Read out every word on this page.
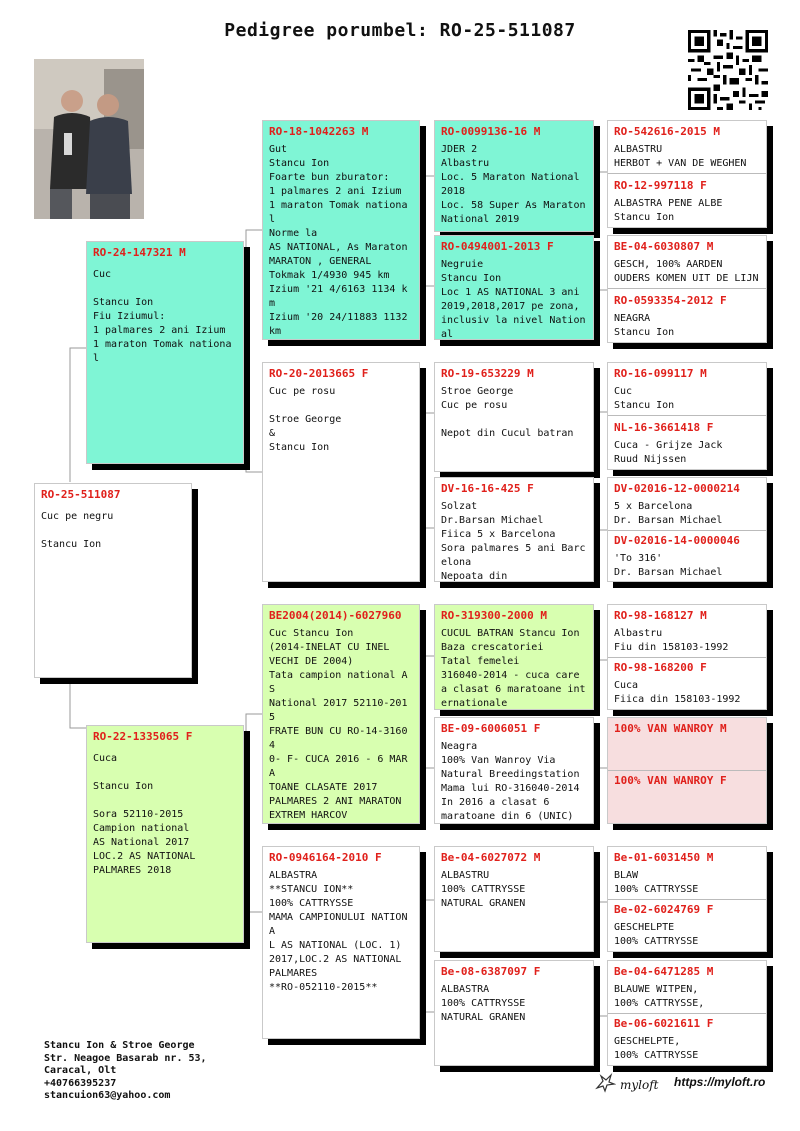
Pedigree porumbel: RO-25-511087
RO-25-511087
Cuc pe negru

Stancu Ion
RO-24-147321 M
Cuc

Stancu Ion
Fiu Iziumul:
1 palmares 2 ani Izium
1 maraton Tomak national
RO-22-1335065 F
Cuca

Stancu Ion

Sora 52110-2015
Campion national
AS National 2017
LOC.2 AS NATIONAL
PALMARES 2018
RO-18-1042263 M
Gut
Stancu Ion
Foarte bun zburator:
1 palmares 2 ani Izium
1 maraton Tomak national
Norme la
AS NATIONAL, As Maraton
MARATON , GENERAL
Tokmak 1/4930 945 km
Izium '21 4/6163 1134 km
Izium '20 24/11883 1132
km
RO-20-2013665 F
Cuc pe rosu

Stroe George
&
Stancu Ion
BE2004(2014)-6027960
Cuc Stancu Ion
(2014-INELAT CU INEL
VECHI DE 2004)
Tata campion national AS
National 2017 52110-2015
FRATE BUN CU RO-14-31604
0- F- CUCA 2016 - 6 MARA
TOANE CLASATE 2017
PALMARES 2 ANI MARATON
EXTREM HARCOV
RO-0946164-2010 F
ALBASTRA
**STANCU ION**
100% CATTRYSSE
MAMA CAMPIONULUI NATIONA
L AS NATIONAL (LOC. 1)
2017,LOC.2 AS NATIONAL
PALMARES
**RO-052110-2015**
RO-0099136-16 M
JDER 2
Albastru
Loc. 5 Maraton National
2018
Loc. 58 Super As Maraton
National 2019
RO-0494001-2013 F
Negruie
Stancu Ion
Loc 1 AS NATIONAL 3 ani
2019,2018,2017 pe zona,
inclusiv la nivel Nation
al
RO-19-653229 M
Stroe George
Cuc pe rosu

Nepot din Cucul batran
DV-16-16-425 F
Solzat
Dr.Barsan Michael
Fiica 5 x Barcelona
Sora palmares 5 ani Barc
elona
Nepoata din
RO-319300-2000 M
CUCUL BATRAN Stancu Ion
Baza crescatoriei
Tatal femelei
316040-2014 - cuca care
a clasat 6 maratoane int
ernationale
BE-09-6006051 F
Neagra
100% Van Wanroy Via
Natural Breedingstation
Mama lui RO-316040-2014
In 2016 a clasat 6
maratoane din 6 (UNIC)
Be-04-6027072 M
ALBASTRU
100% CATTRYSSE
NATURAL GRANEN
Be-08-6387097 F
ALBASTRA
100% CATTRYSSE
NATURAL GRANEN
RO-542616-2015 M
ALBASTRU
HERBOT + VAN DE WEGHEN
RO-12-997118 F
ALBASTRA PENE ALBE
Stancu Ion
BE-04-6030807 M
GESCH, 100% AARDEN
OUDERS KOMEN UIT DE LIJN
RO-0593354-2012 F
NEAGRA
Stancu Ion
RO-16-099117 M
Cuc
Stancu Ion
NL-16-3661418 F
Cuca - Grijze Jack
Ruud Nijssen
DV-02016-12-0000214
5 x Barcelona
Dr. Barsan Michael
DV-02016-14-0000046
'To 316'
Dr. Barsan Michael
RO-98-168127 M
Albastru
Fiu din 158103-1992
RO-98-168200 F
Cuca
Fiica din 158103-1992
100% VAN WANROY M
100% VAN WANROY F
Be-01-6031450 M
BLAW
100% CATTRYSSE
Be-02-6024769 F
GESCHELPTE
100% CATTRYSSE
Be-04-6471285 M
BLAUWE WITPEN,
100% CATTRYSSE,
Be-06-6021611 F
GESCHELPTE,
100% CATTRYSSE
Stancu Ion & Stroe George
Str. Neagoe Basarab nr. 53,
Caracal, Olt
+40766395237
stancuion63@yahoo.com
myloft https://myloft.ro
